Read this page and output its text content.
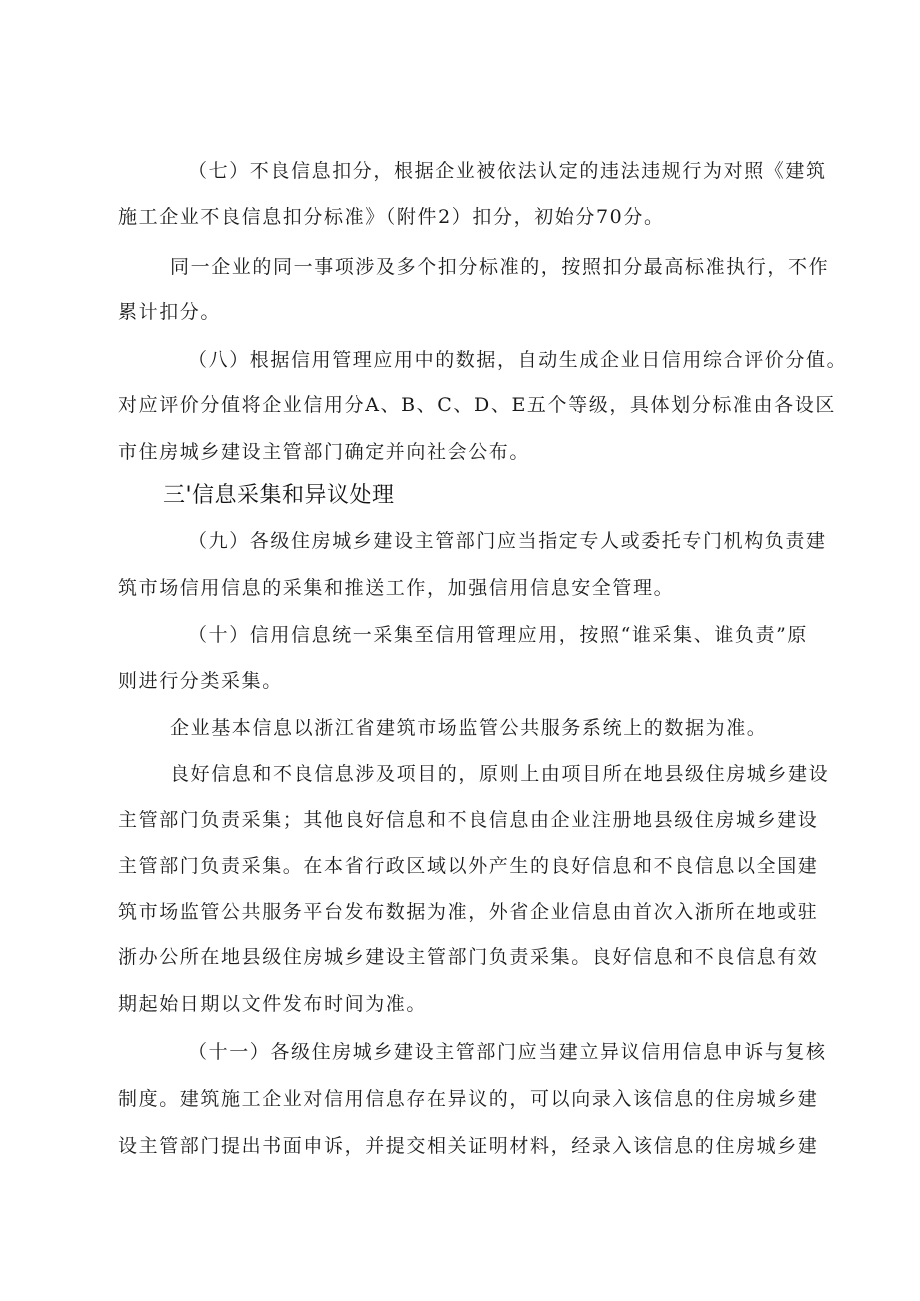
（七）不良信息扣分，根据企业被依法认定的违法违规行为对照《建筑
施工企业不良信息扣分标准》（附件2）扣分，初始分70分。
同一企业的同一事项涉及多个扣分标准的，按照扣分最高标准执行，不作
累计扣分。
（八）根据信用管理应用中的数据，自动生成企业日信用综合评价分值。
对应评价分值将企业信用分A、B、C、D、E五个等级，具体划分标准由各设区
市住房城乡建设主管部门确定并向社会公布。
三'信息采集和异议处理
（九）各级住房城乡建设主管部门应当指定专人或委托专门机构负责建
筑市场信用信息的采集和推送工作，加强信用信息安全管理。
（十）信用信息统一采集至信用管理应用，按照“谁采集、谁负责”原
则进行分类采集。
企业基本信息以浙江省建筑市场监管公共服务系统上的数据为准。
良好信息和不良信息涉及项目的，原则上由项目所在地县级住房城乡建设
主管部门负责采集；其他良好信息和不良信息由企业注册地县级住房城乡建设
主管部门负责采集。在本省行政区域以外产生的良好信息和不良信息以全国建
筑市场监管公共服务平台发布数据为准，外省企业信息由首次入浙所在地或驻
浙办公所在地县级住房城乡建设主管部门负责采集。良好信息和不良信息有效
期起始日期以文件发布时间为准。
（十一）各级住房城乡建设主管部门应当建立异议信用信息申诉与复核
制度。建筑施工企业对信用信息存在异议的，可以向录入该信息的住房城乡建
设主管部门提出书面申诉，并提交相关证明材料，经录入该信息的住房城乡建
